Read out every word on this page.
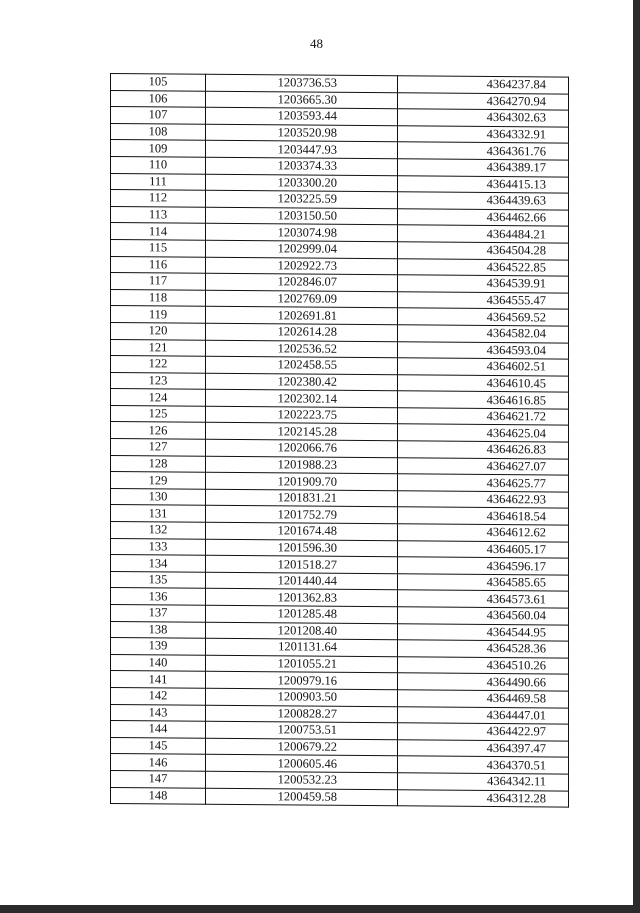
48
105	1203736.53	4364237.84
106	1203665.30	4364270.94
107	1203593.44	4364302.63
108	1203520.98	4364332.91
109	1203447.93	4364361.76
110	1203374.33	4364389.17
111	1203300.20	4364415.13
112	1203225.59	4364439.63
113	1203150.50	4364462.66
114	1203074.98	4364484.21
115	1202999.04	4364504.28
116	1202922.73	4364522.85
117	1202846.07	4364539.91
118	1202769.09	4364555.47
119	1202691.81	4364569.52
120	1202614.28	4364582.04
121	1202536.52	4364593.04
122	1202458.55	4364602.51
123	1202380.42	4364610.45
124	1202302.14	4364616.85
125	1202223.75	4364621.72
126	1202145.28	4364625.04
127	1202066.76	4364626.83
128	1201988.23	4364627.07
129	1201909.70	4364625.77
130	1201831.21	4364622.93
131	1201752.79	4364618.54
132	1201674.48	4364612.62
133	1201596.30	4364605.17
134	1201518.27	4364596.17
135	1201440.44	4364585.65
136	1201362.83	4364573.61
137	1201285.48	4364560.04
138	1201208.40	4364544.95
139	1201131.64	4364528.36
140	1201055.21	4364510.26
141	1200979.16	4364490.66
142	1200903.50	4364469.58
143	1200828.27	4364447.01
144	1200753.51	4364422.97
145	1200679.22	4364397.47
146	1200605.46	4364370.51
147	1200532.23	4364342.11
148	1200459.58	4364312.28
